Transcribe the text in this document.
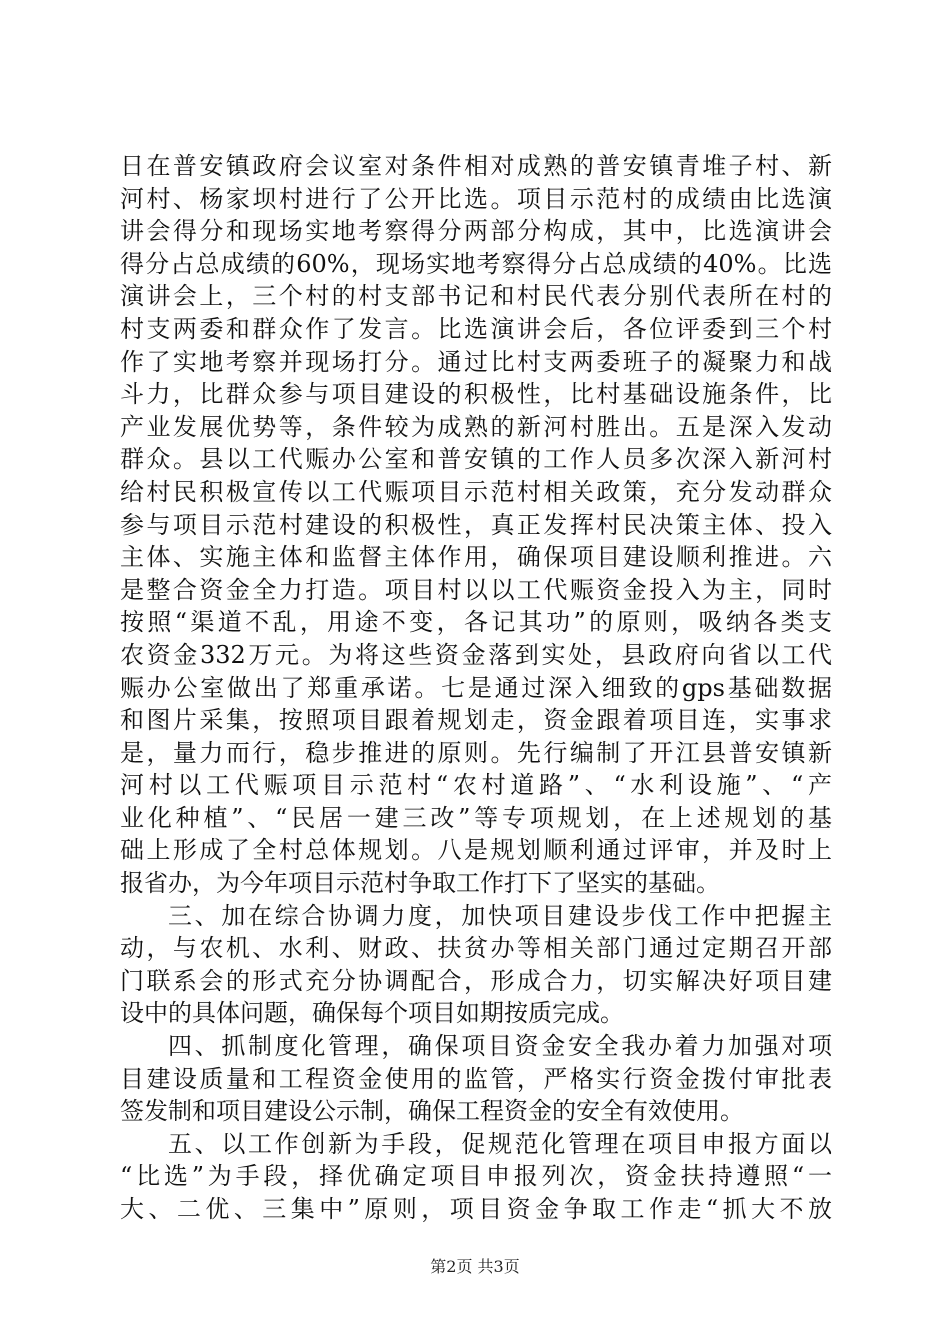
日在普安镇政府会议室对条件相对成熟的普安镇青堆子村、新
河村、杨家坝村进行了公开比选。项目示范村的成绩由比选演
讲会得分和现场实地考察得分两部分构成，其中，比选演讲会
得分占总成绩的60%，现场实地考察得分占总成绩的40%。比选
演讲会上，三个村的村支部书记和村民代表分别代表所在村的
村支两委和群众作了发言。比选演讲会后，各位评委到三个村
作了实地考察并现场打分。通过比村支两委班子的凝聚力和战
斗力，比群众参与项目建设的积极性，比村基础设施条件，比
产业发展优势等，条件较为成熟的新河村胜出。五是深入发动
群众。县以工代赈办公室和普安镇的工作人员多次深入新河村
给村民积极宣传以工代赈项目示范村相关政策，充分发动群众
参与项目示范村建设的积极性，真正发挥村民决策主体、投入
主体、实施主体和监督主体作用，确保项目建设顺利推进。六
是整合资金全力打造。项目村以以工代赈资金投入为主，同时
按照“渠道不乱，用途不变，各记其功”的原则，吸纳各类支
农资金332万元。为将这些资金落到实处，县政府向省以工代
赈办公室做出了郑重承诺。七是通过深入细致的gps基础数据
和图片采集，按照项目跟着规划走，资金跟着项目连，实事求
是，量力而行，稳步推进的原则。先行编制了开江县普安镇新
河村以工代赈项目示范村“农村道路”、“水利设施”、“产
业化种植”、“民居一建三改”等专项规划，在上述规划的基
础上形成了全村总体规划。八是规划顺利通过评审，并及时上
报省办，为今年项目示范村争取工作打下了坚实的基础。
三、加在综合协调力度，加快项目建设步伐工作中把握主
动，与农机、水利、财政、扶贫办等相关部门通过定期召开部
门联系会的形式充分协调配合，形成合力，切实解决好项目建
设中的具体问题，确保每个项目如期按质完成。
四、抓制度化管理，确保项目资金安全我办着力加强对项
目建设质量和工程资金使用的监管，严格实行资金拨付审批表
签发制和项目建设公示制，确保工程资金的安全有效使用。
五、以工作创新为手段，促规范化管理在项目申报方面以
“比选”为手段，择优确定项目申报列次，资金扶持遵照“一
大、二优、三集中”原则，项目资金争取工作走“抓大不放
第2页 共3页
